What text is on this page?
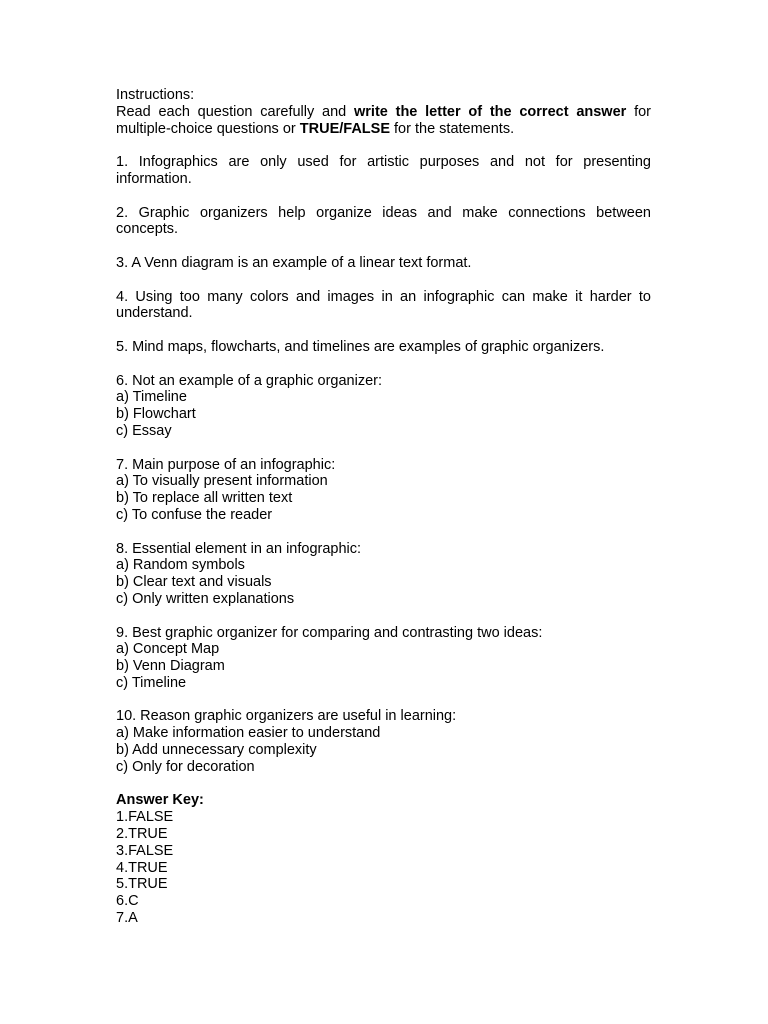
Instructions:
Read each question carefully and write the letter of the correct answer for
multiple-choice questions or TRUE/FALSE for the statements.
1. Infographics are only used for artistic purposes and not for presenting
information.
2. Graphic organizers help organize ideas and make connections between
concepts.
3. A Venn diagram is an example of a linear text format.
4. Using too many colors and images in an infographic can make it harder to
understand.
5. Mind maps, flowcharts, and timelines are examples of graphic organizers.
6. Not an example of a graphic organizer:
a) Timeline
b) Flowchart
c) Essay
7. Main purpose of an infographic:
a) To visually present information
b) To replace all written text
c) To confuse the reader
8. Essential element in an infographic:
a) Random symbols
b) Clear text and visuals
c) Only written explanations
9. Best graphic organizer for comparing and contrasting two ideas:
a) Concept Map
b) Venn Diagram
c) Timeline
10. Reason graphic organizers are useful in learning:
a) Make information easier to understand
b) Add unnecessary complexity
c) Only for decoration
Answer Key:
1.FALSE
2.TRUE
3.FALSE
4.TRUE
5.TRUE
6.C
7.A
